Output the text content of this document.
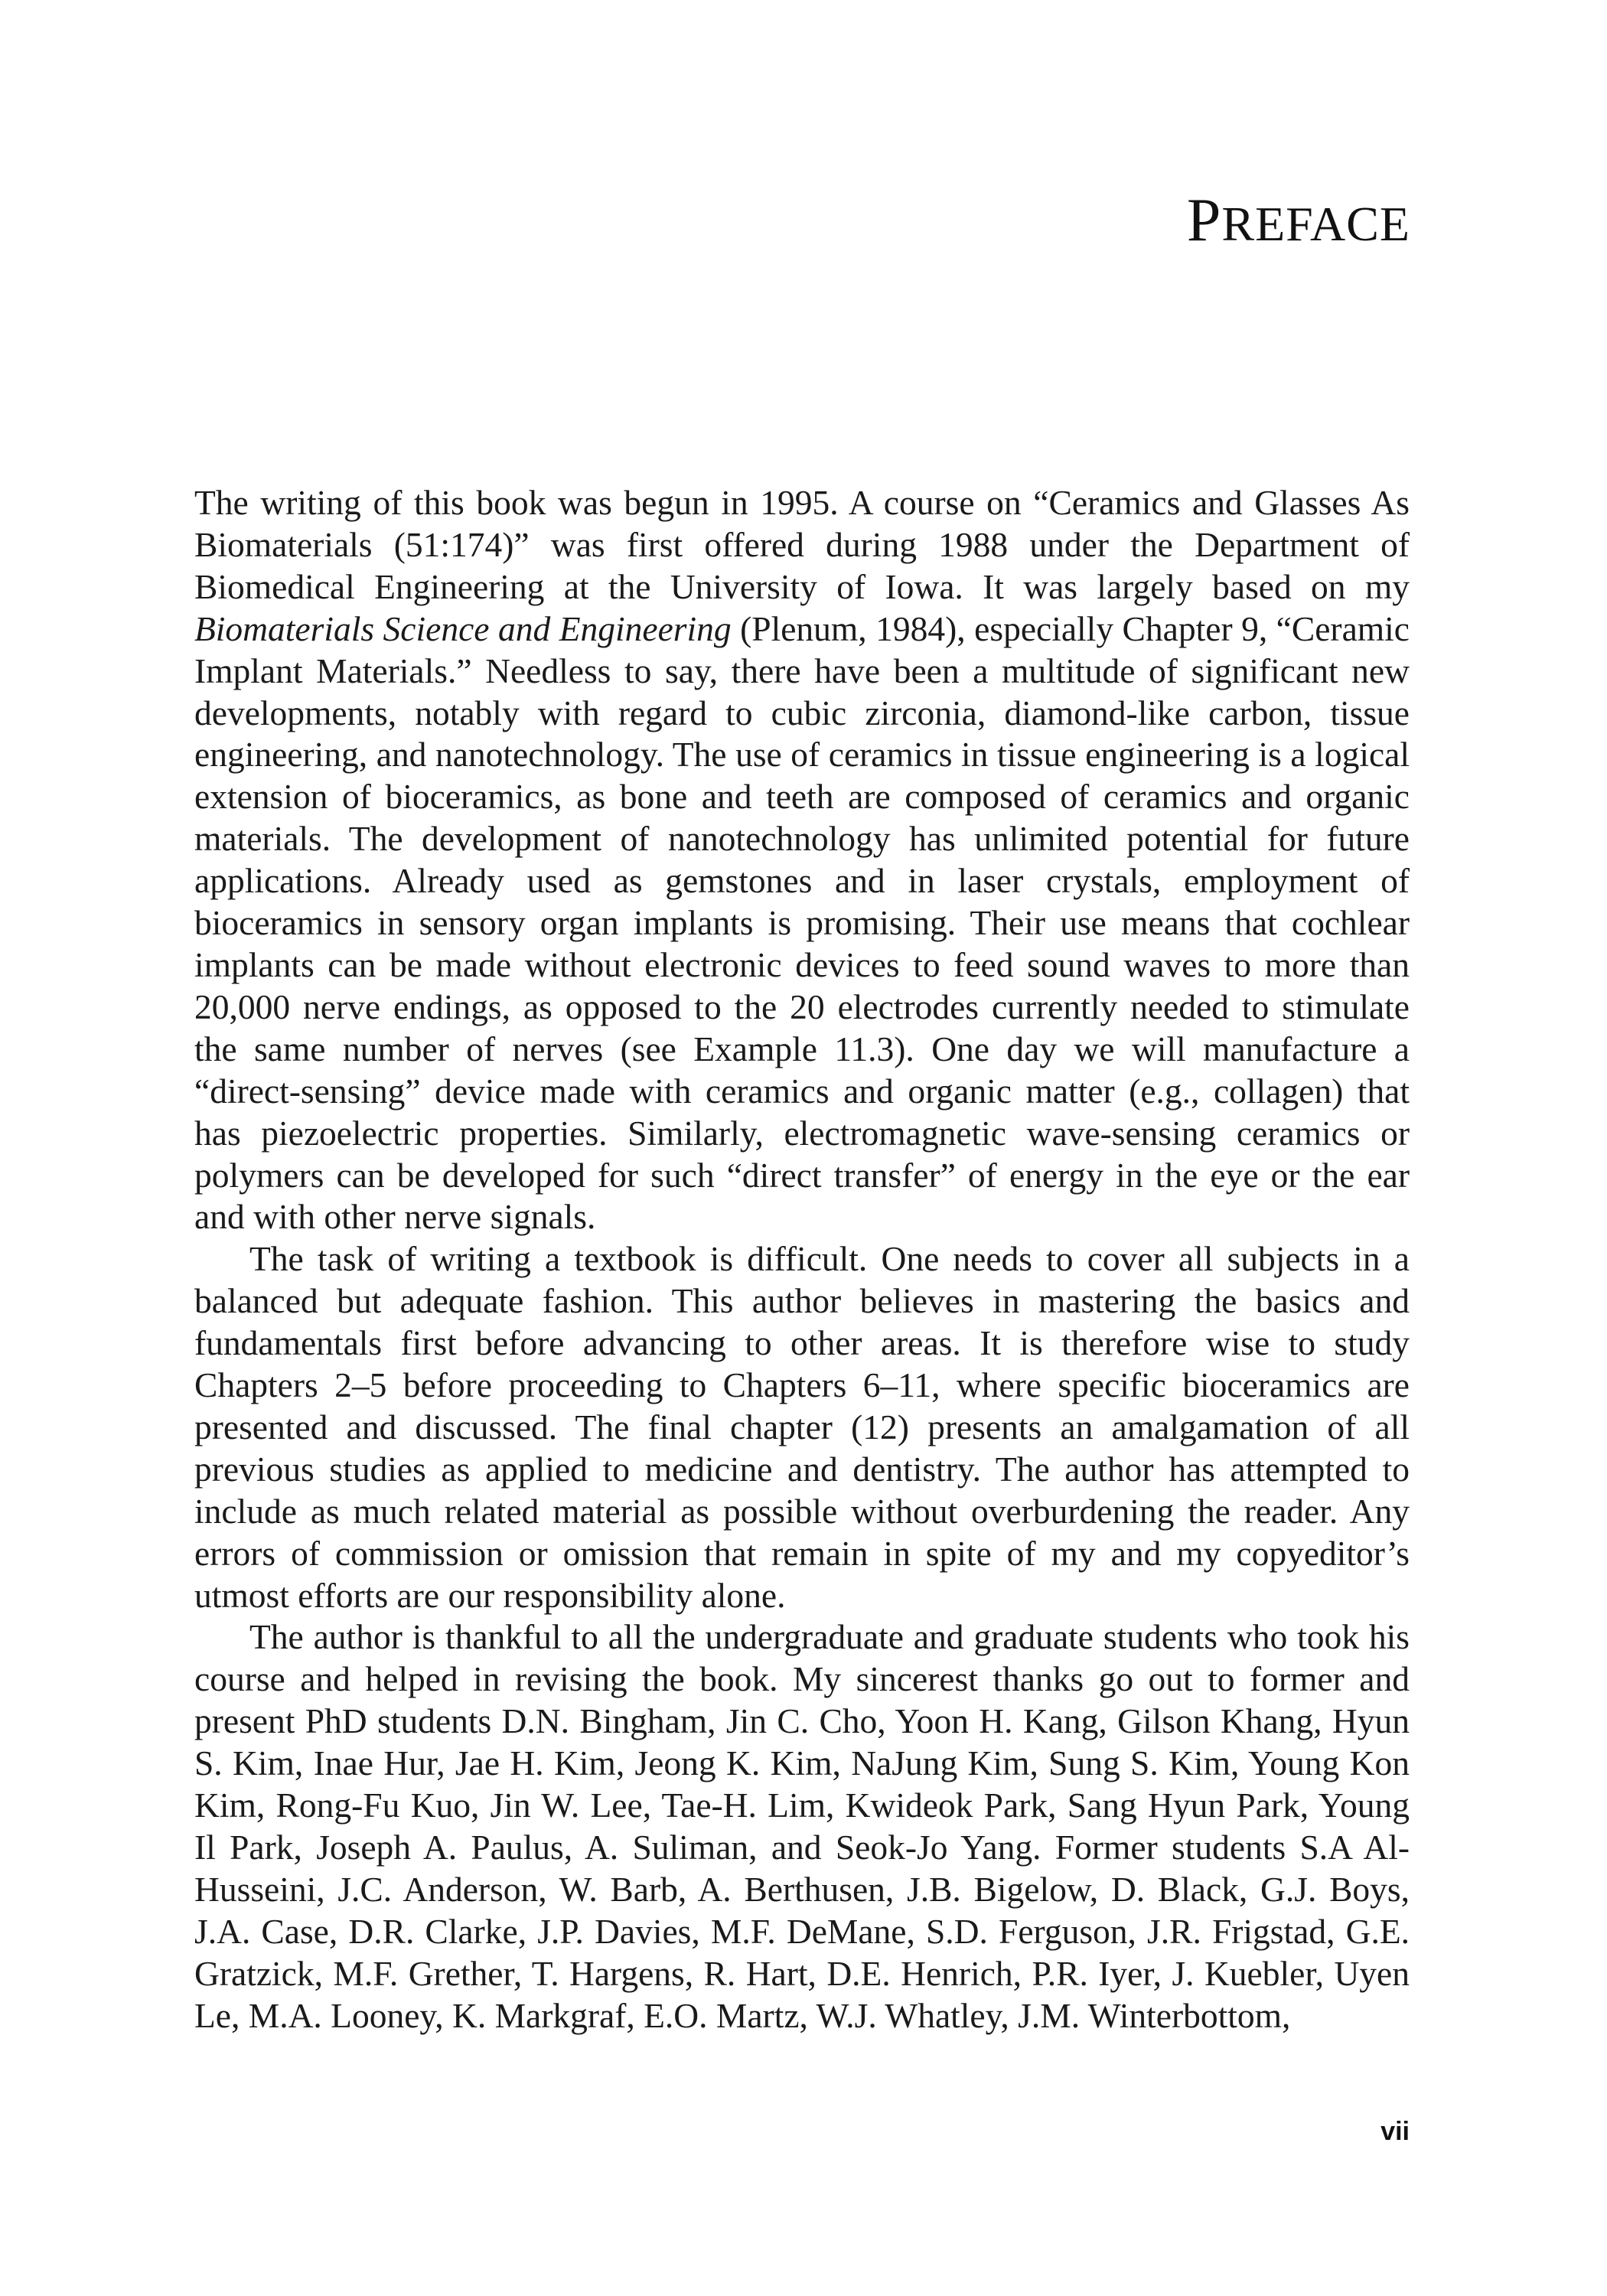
PREFACE

The writing of this book was begun in 1995. A course on “Ceramics and Glasses As Biomaterials (51:174)” was first offered during 1988 under the Department of Biomedical Engineering at the University of Iowa. It was largely based on my Biomaterials Science and Engineering (Plenum, 1984), especially Chapter 9, “Ceramic Implant Materials.” Needless to say, there have been a multitude of significant new developments, notably with regard to cubic zirconia, diamond-like carbon, tissue engineering, and nanotechnology. The use of ceramics in tissue engineering is a logical extension of bioceramics, as bone and teeth are composed of ceramics and organic materials. The development of nanotechnology has unlimited potential for future applications. Already used as gemstones and in laser crystals, employment of bioceramics in sensory organ implants is promising. Their use means that cochlear implants can be made without electronic devices to feed sound waves to more than 20,000 nerve endings, as opposed to the 20 electrodes currently needed to stimulate the same number of nerves (see Example 11.3). One day we will manufacture a “direct-sensing” device made with ceramics and organic matter (e.g., collagen) that has piezoelectric properties. Similarly, electromagnetic wave-sensing ceramics or polymers can be developed for such “direct transfer” of energy in the eye or the ear and with other nerve signals.

The task of writing a textbook is difficult. One needs to cover all subjects in a balanced but adequate fashion. This author believes in mastering the basics and fundamentals first before advancing to other areas. It is therefore wise to study Chapters 2–5 before proceeding to Chapters 6–11, where specific bioceramics are presented and discussed. The final chapter (12) presents an amalgamation of all previous studies as applied to medicine and dentistry. The author has attempted to include as much related material as possible without overburdening the reader. Any errors of commission or omission that remain in spite of my and my copyeditor’s utmost efforts are our responsibility alone.

The author is thankful to all the undergraduate and graduate students who took his course and helped in revising the book. My sincerest thanks go out to former and present PhD students D.N. Bingham, Jin C. Cho, Yoon H. Kang, Gilson Khang, Hyun S. Kim, Inae Hur, Jae H. Kim, Jeong K. Kim, NaJung Kim, Sung S. Kim, Young Kon Kim, Rong-Fu Kuo, Jin W. Lee, Tae-H. Lim, Kwideok Park, Sang Hyun Park, Young Il Park, Joseph A. Paulus, A. Suliman, and Seok-Jo Yang. Former students S.A Al-Husseini, J.C. Anderson, W. Barb, A. Berthusen, J.B. Bigelow, D. Black, G.J. Boys, J.A. Case, D.R. Clarke, J.P. Davies, M.F. DeMane, S.D. Ferguson, J.R. Frigstad, G.E. Gratzick, M.F. Grether, T. Hargens, R. Hart, D.E. Henrich, P.R. Iyer, J. Kuebler, Uyen Le, M.A. Looney, K. Markgraf, E.O. Martz, W.J. Whatley, J.M. Winterbottom,

vii
